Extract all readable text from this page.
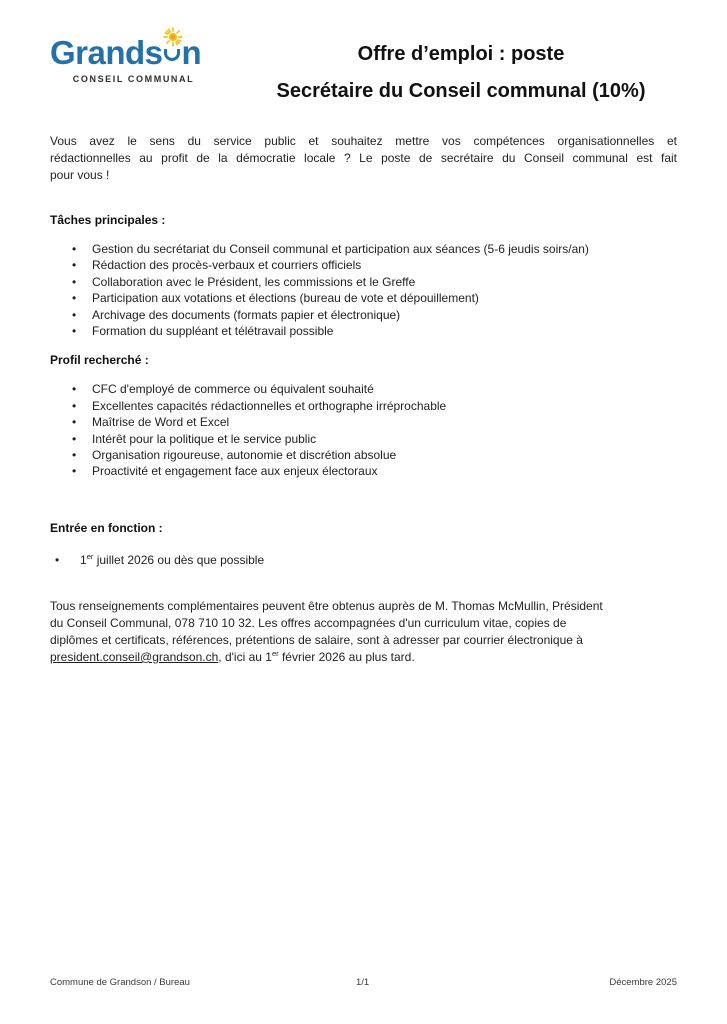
Grands n
CONSEIL COMMUNAL
Offre d’emploi : poste
Secrétaire du Conseil communal (10%)
Vous avez le sens du service public et souhaitez mettre vos compétences organisationnelles et
rédactionnelles au profit de la démocratie locale ? Le poste de secrétaire du Conseil communal est fait
pour vous !
Tâches principales :
• Gestion du secrétariat du Conseil communal et participation aux séances (5-6 jeudis soirs/an)
• Rédaction des procès-verbaux et courriers officiels
• Collaboration avec le Président, les commissions et le Greffe
• Participation aux votations et élections (bureau de vote et dépouillement)
• Archivage des documents (formats papier et électronique)
• Formation du suppléant et télétravail possible
Profil recherché :
• CFC d'employé de commerce ou équivalent souhaité
• Excellentes capacités rédactionnelles et orthographe irréprochable
• Maîtrise de Word et Excel
• Intérêt pour la politique et le service public
• Organisation rigoureuse, autonomie et discrétion absolue
• Proactivité et engagement face aux enjeux électoraux
Entrée en fonction :
• 1er juillet 2026 ou dès que possible
Tous renseignements complémentaires peuvent être obtenus auprès de M. Thomas McMullin, Président
du Conseil Communal, 078 710 10 32. Les offres accompagnées d'un curriculum vitae, copies de
diplômes et certificats, références, prétentions de salaire, sont à adresser par courrier électronique à
president.conseil@grandson.ch, d'ici au 1er février 2026 au plus tard.
Commune de Grandson / Bureau	1/1	Décembre 2025
